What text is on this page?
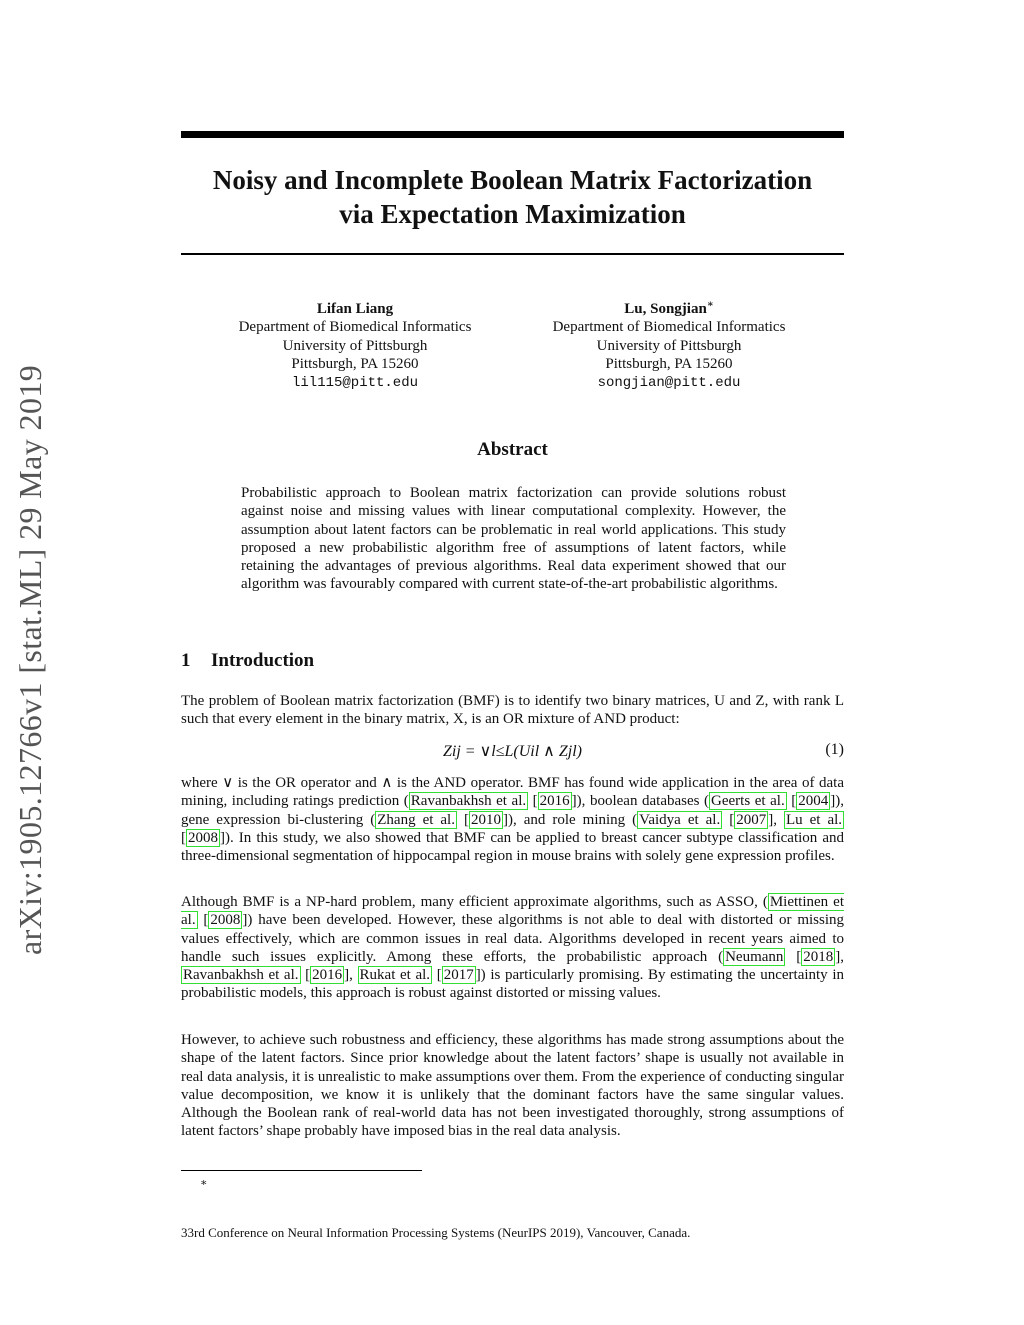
arXiv:1905.12766v1 [stat.ML] 29 May 2019
Noisy and Incomplete Boolean Matrix Factorization
via Expectation Maximization
Lifan Liang
Department of Biomedical Informatics
University of Pittsburgh
Pittsburgh, PA 15260
lil115@pitt.edu
Lu, Songjian∗
Department of Biomedical Informatics
University of Pittsburgh
Pittsburgh, PA 15260
songjian@pitt.edu
Abstract

Probabilistic approach to Boolean matrix factorization can provide solutions robust against noise and missing values with linear computational complexity. However, the assumption about latent factors can be problematic in real world applications. This study proposed a new probabilistic algorithm free of assumptions of latent factors, while retaining the advantages of previous algorithms. Real data experiment showed that our algorithm was favourably compared with current state-of-the-art probabilistic algorithms.

1 Introduction

The problem of Boolean matrix factorization (BMF) is to identify two binary matrices, U and Z, with rank L such that every element in the binary matrix, X, is an OR mixture of AND product:

Zij = ∨l≤L(Uil ∧ Zjl)	(1)

where ∨ is the OR operator and ∧ is the AND operator. BMF has found wide application in the area of data mining, including ratings prediction ( Ravanbakhsh et al. [ 2016 ]), boolean databases ( Geerts et al. [ 2004 ]), gene expression bi-clustering ( Zhang et al. [ 2010 ]), and role mining ( Vaidya et al. [ 2007 ], Lu et al. [ 2008 ]). In this study, we also showed that BMF can be applied to breast cancer subtype classification and three-dimensional segmentation of hippocampal region in mouse brains with solely gene expression profiles.

Although BMF is a NP-hard problem, many efficient approximate algorithms, such as ASSO, ( Miettinen et al. [ 2008 ]) have been developed. However, these algorithms is not able to deal with distorted or missing values effectively, which are common issues in real data. Algorithms developed in recent years aimed to handle such issues explicitly. Among these efforts, the probabilistic approach ( Neumann [ 2018 ], Ravanbakhsh et al. [ 2016 ], Rukat et al. [ 2017 ]) is particularly promising. By estimating the uncertainty in probabilistic models, this approach is robust against distorted or missing values.

However, to achieve such robustness and efficiency, these algorithms has made strong assumptions about the shape of the latent factors. Since prior knowledge about the latent factors’ shape is usually not available in real data analysis, it is unrealistic to make assumptions over them. From the experience of conducting singular value decomposition, we know it is unlikely that the dominant factors have the same singular values. Although the Boolean rank of real-world data has not been investigated thoroughly, strong assumptions of latent factors’ shape probably have imposed bias in the real data analysis.

∗
33rd Conference on Neural Information Processing Systems (NeurIPS 2019), Vancouver, Canada.
